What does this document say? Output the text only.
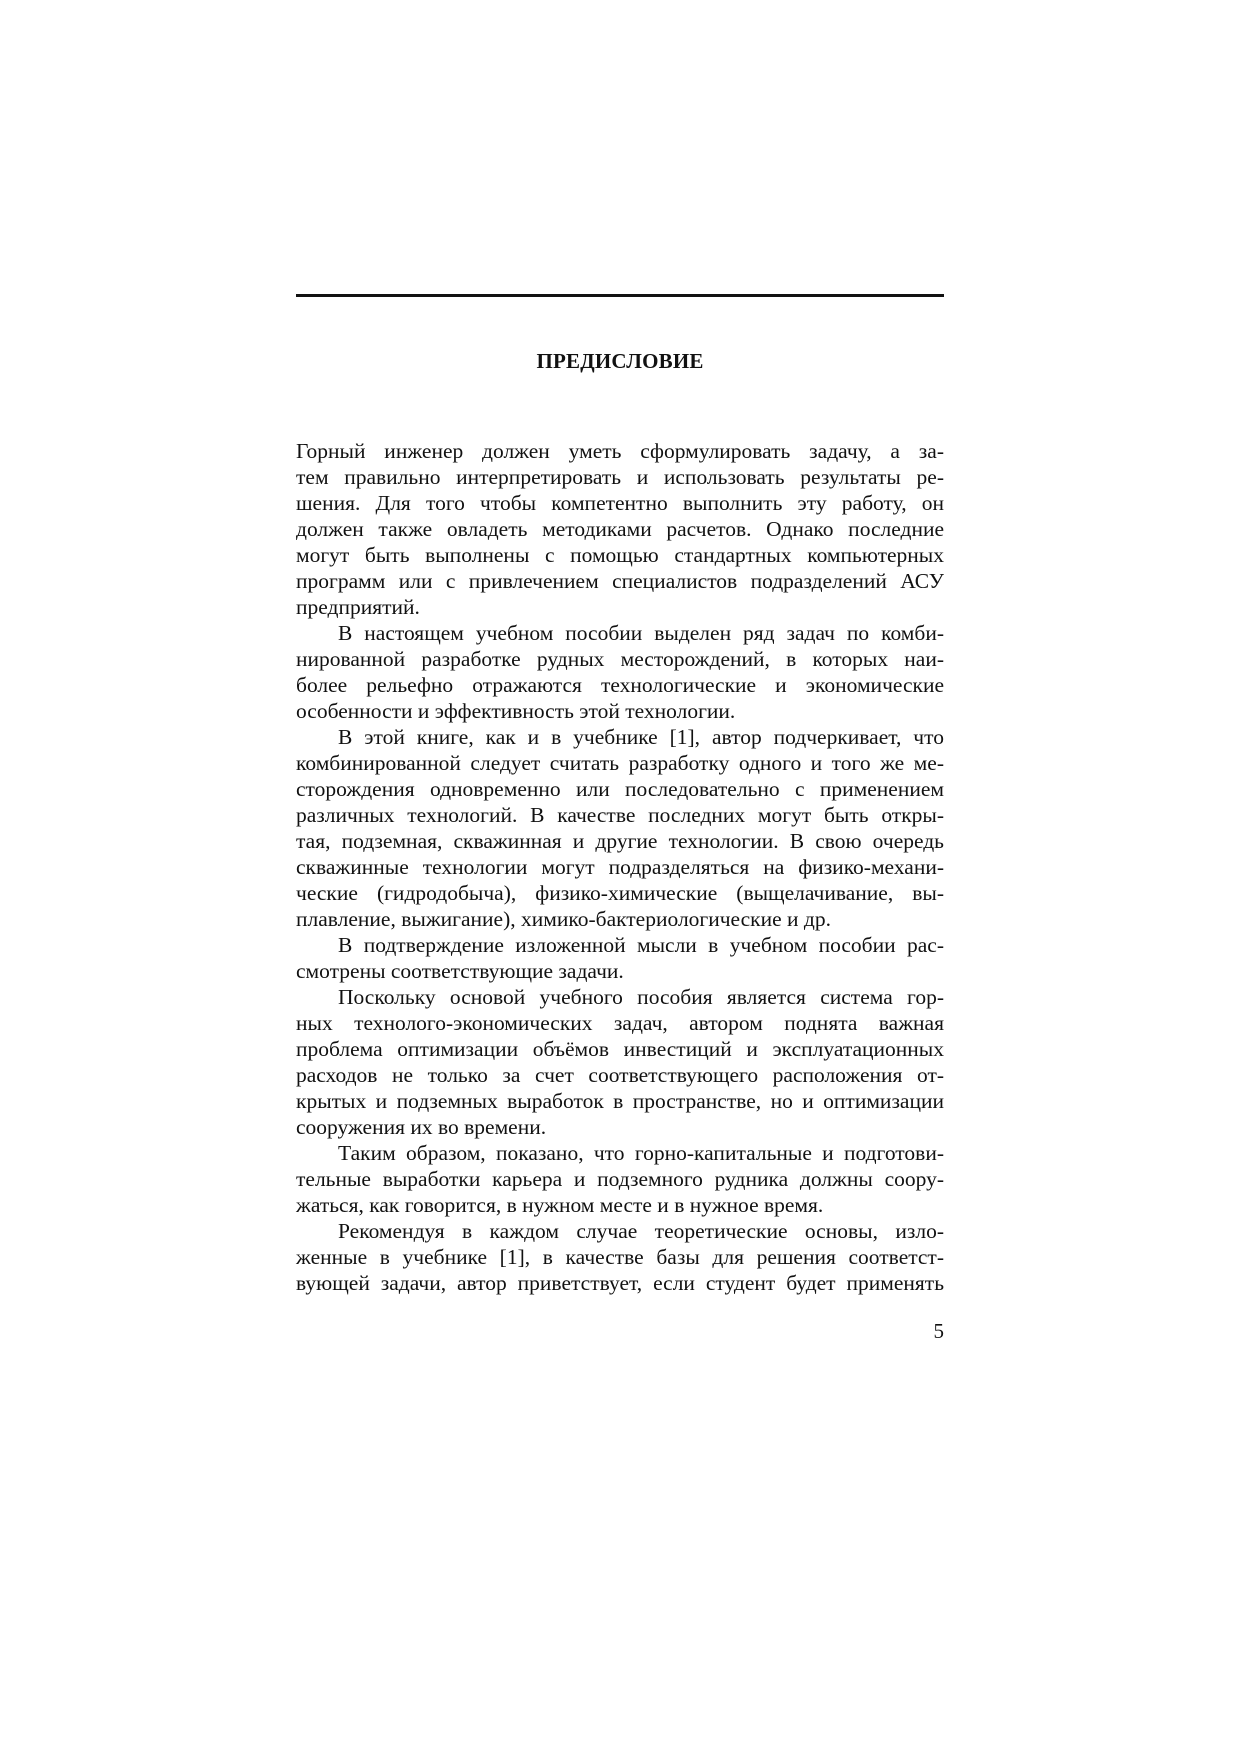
ПРЕДИСЛОВИЕ
Горный инженер должен уметь сформулировать задачу, а за-
тем правильно интерпретировать и использовать результаты ре-
шения. Для того чтобы компетентно выполнить эту работу, он
должен также овладеть методиками расчетов. Однако последние
могут быть выполнены с помощью стандартных компьютерных
программ или с привлечением специалистов подразделений АСУ
предприятий.
В настоящем учебном пособии выделен ряд задач по комби-
нированной разработке рудных месторождений, в которых наи-
более рельефно отражаются технологические и экономические
особенности и эффективность этой технологии.
В этой книге, как и в учебнике [1], автор подчеркивает, что
комбинированной следует считать разработку одного и того же ме-
сторождения одновременно или последовательно с применением
различных технологий. В качестве последних могут быть откры-
тая, подземная, скважинная и другие технологии. В свою очередь
скважинные технологии могут подразделяться на физико-механи-
ческие (гидродобыча), физико-химические (выщелачивание, вы-
плавление, выжигание), химико-бактериологические и др.
В подтверждение изложенной мысли в учебном пособии рас-
смотрены соответствующие задачи.
Поскольку основой учебного пособия является система гор-
ных технолого-экономических задач, автором поднята важная
проблема оптимизации объёмов инвестиций и эксплуатационных
расходов не только за счет соответствующего расположения от-
крытых и подземных выработок в пространстве, но и оптимизации
сооружения их во времени.
Таким образом, показано, что горно-капитальные и подготови-
тельные выработки карьера и подземного рудника должны соору-
жаться, как говорится, в нужном месте и в нужное время.
Рекомендуя в каждом случае теоретические основы, изло-
женные в учебнике [1], в качестве базы для решения соответст-
вующей задачи, автор приветствует, если студент будет применять
5
